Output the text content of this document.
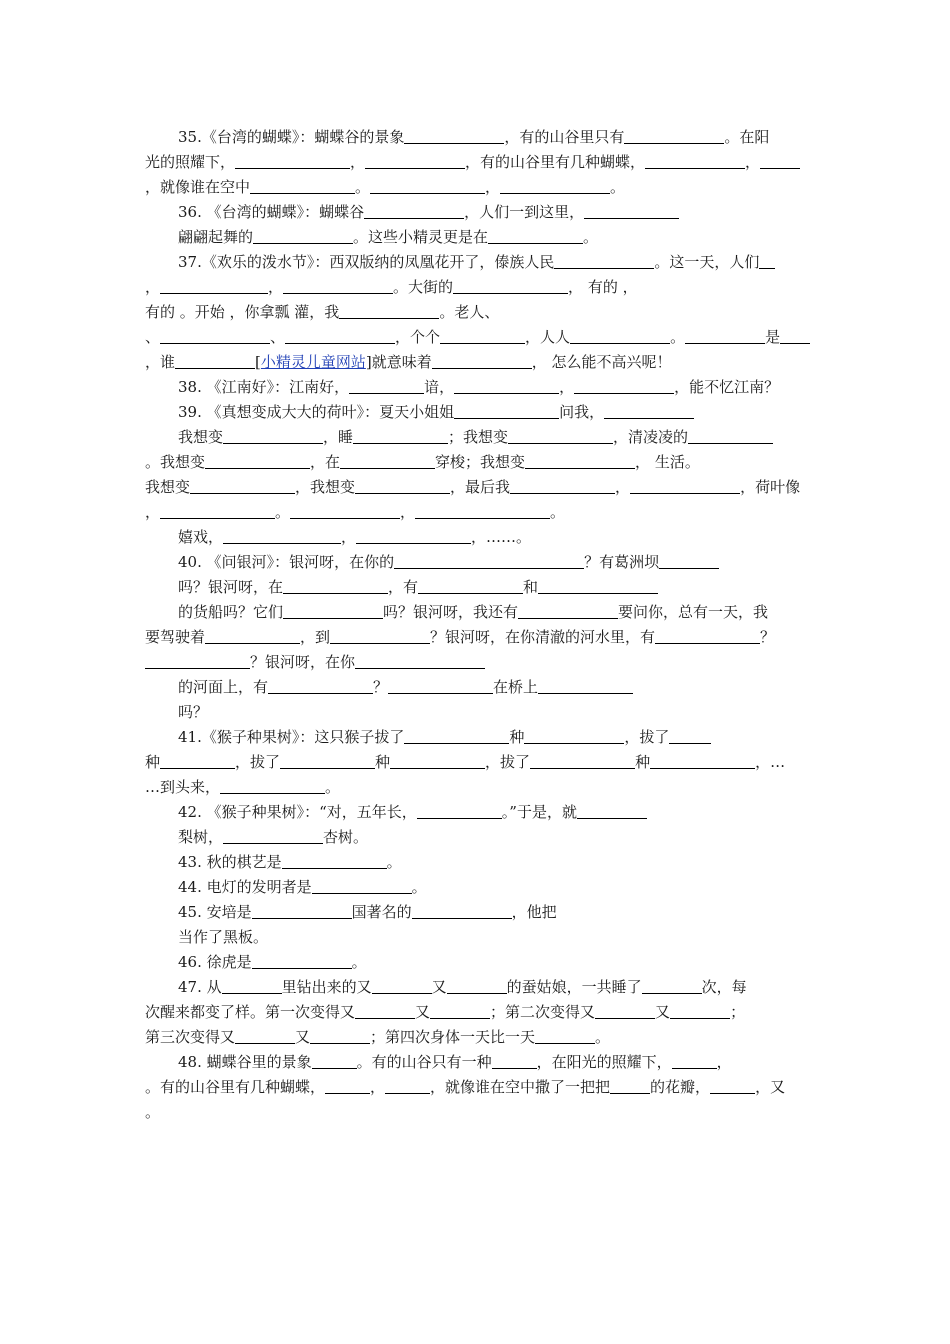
35.《台湾的蝴蝶》：蝴蝶谷的景象	，有的山谷里只有	。在阳
光的照耀下，	，	，有的山谷里有几种蝴蝶，	，
，就像谁在空中	。	，	。
36. 《台湾的蝴蝶》：蝴蝶谷	，人们一到这里，
翩翩起舞的	。这些小精灵更是在	。
37.《欢乐的泼水节》：西双版纳的凤凰花开了，傣族人民	。这一天，人们
，	，	。大街的	， 有的 ，
有的 。开始 ，你拿瓢 灌，我	。老人、
、	、	，个个	，人人	。	是
，谁	[小精灵儿童网站]就意味着	， 怎么能不高兴呢！
38. 《江南好》：江南好，	谙，	，	，能不忆江南？
39. 《真想变成大大的荷叶》：夏天小姐姐	问我，
我想变	，睡	；我想变	，清凌凌的
。我想变	，在	穿梭；我想变	， 生活。
我想变	，我想变	，最后我	，	，荷叶像
，	。	，	。
嬉戏，	，	，……。
40. 《问银河》：银河呀，在你的	？有葛洲坝
吗？银河呀，在	，有	和
的货船吗？它们	吗？银河呀，我还有	要问你，总有一天，我
要驾驶着	，到	？银河呀，在你清澈的河水里，有	？
？银河呀，在你
的河面上，有	？	在桥上
吗？
41.《猴子种果树》：这只猴子拔了	种	，拔了
种	，拔了	种	，拔了	种	，…
…到头来，	。
42. 《猴子种果树》：“对，五年长，	。”于是，就
梨树，	杏树。
43. 秋的棋艺是	。
44. 电灯的发明者是	。
45. 安培是	国著名的	，他把
当作了黑板。
46. 徐虎是	。
47. 从	里钻出来的又	又	的蚕姑娘，一共睡了	次，每
次醒来都变了样。第一次变得又	又	；第二次变得又	又	；
第三次变得又	又	；第四次身体一天比一天	。
48. 蝴蝶谷里的景象	。有的山谷只有一种	，在阳光的照耀下，	，
。有的山谷里有几种蝴蝶，	，	，就像谁在空中撒了一把把	的花瓣，	，又
。
